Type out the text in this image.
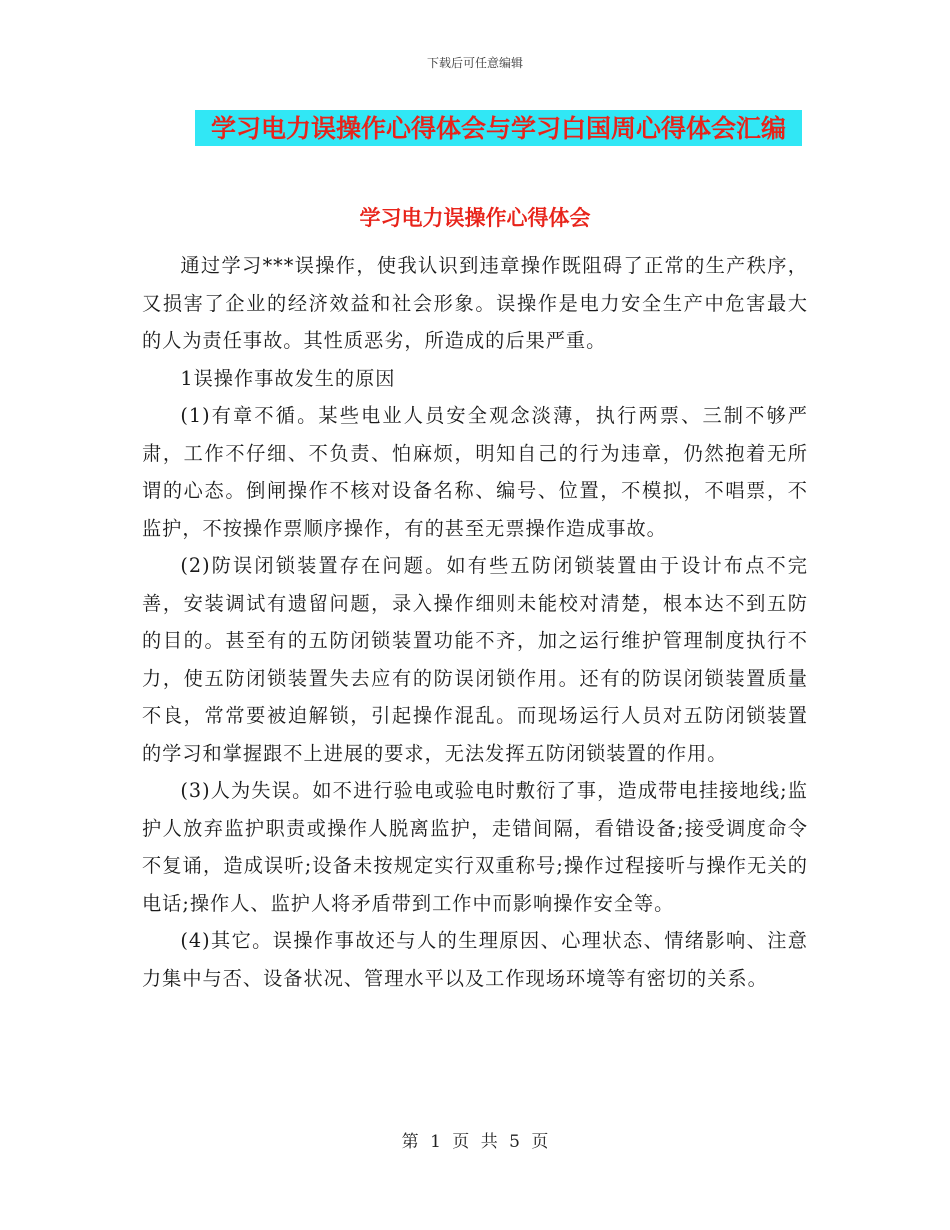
下载后可任意编辑
学习电力误操作心得体会与学习白国周心得体会汇编
学习电力误操作心得体会

通过学习***误操作，使我认识到违章操作既阻碍了正常的生产秩序，又损害了企业的经济效益和社会形象。误操作是电力安全生产中危害最大的人为责任事故。其性质恶劣，所造成的后果严重。

1误操作事故发生的原因

(1)有章不循。某些电业人员安全观念淡薄，执行两票、三制不够严肃，工作不仔细、不负责、怕麻烦，明知自己的行为违章，仍然抱着无所谓的心态。倒闸操作不核对设备名称、编号、位置，不模拟，不唱票，不监护，不按操作票顺序操作，有的甚至无票操作造成事故。

(2)防误闭锁装置存在问题。如有些五防闭锁装置由于设计布点不完善，安装调试有遗留问题，录入操作细则未能校对清楚，根本达不到五防的目的。甚至有的五防闭锁装置功能不齐，加之运行维护管理制度执行不力，使五防闭锁装置失去应有的防误闭锁作用。还有的防误闭锁装置质量不良，常常要被迫解锁，引起操作混乱。而现场运行人员对五防闭锁装置的学习和掌握跟不上进展的要求，无法发挥五防闭锁装置的作用。

(3)人为失误。如不进行验电或验电时敷衍了事，造成带电挂接地线;监护人放弃监护职责或操作人脱离监护，走错间隔，看错设备;接受调度命令不复诵，造成误听;设备未按规定实行双重称号;操作过程接听与操作无关的电话;操作人、监护人将矛盾带到工作中而影响操作安全等。

(4)其它。误操作事故还与人的生理原因、心理状态、情绪影响、注意力集中与否、设备状况、管理水平以及工作现场环境等有密切的关系。

第 1 页 共 5 页
